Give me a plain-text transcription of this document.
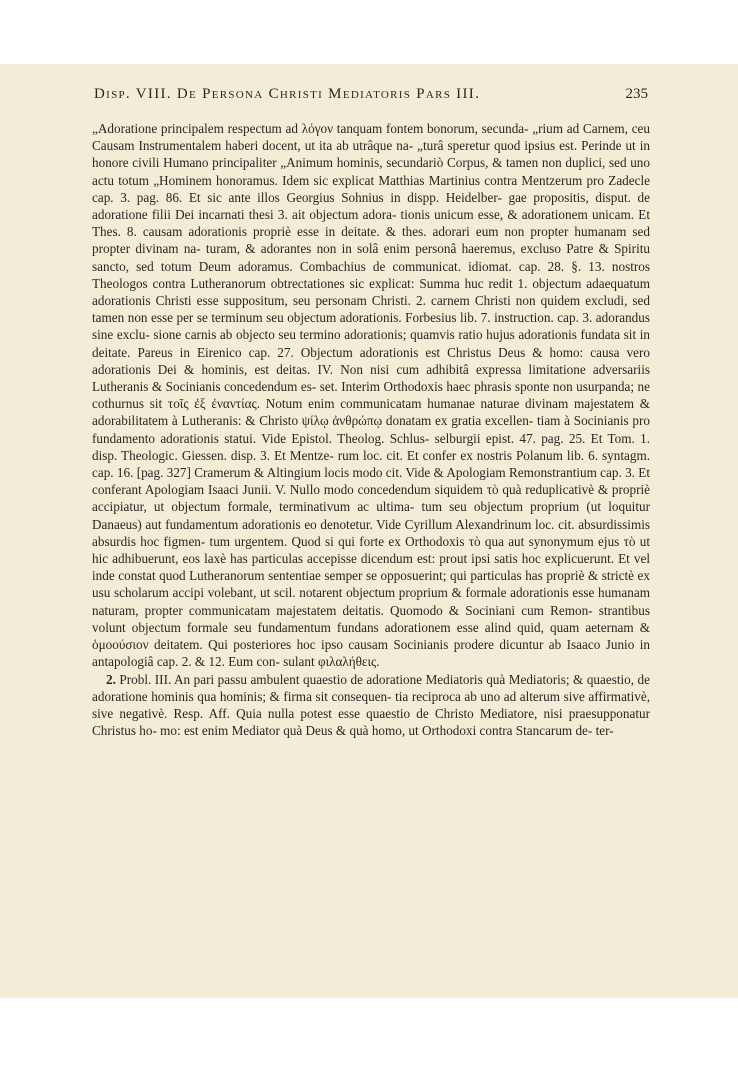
Disp. VIII. De Persona Christi Mediatoris Pars III.	235

„Adoratione principalem respectum ad λόγον tanquam fontem bonorum, secunda- „rium ad Carnem, ceu Causam Instrumentalem haberi docent, ut ita ab utrâque na- „turâ speretur quod ipsius est. Perinde ut in honore civili Humano principaliter „Animum hominis, secundariò Corpus, & tamen non duplici, sed uno actu totum „Hominem honoramus. Idem sic explicat Matthias Martinius contra Mentzerum pro Zadecle cap. 3. pag. 86. Et sic ante illos Georgius Sohnius in dispp. Heidelber- gae propositis, disput. de adoratione filii Dei incarnati thesi 3. ait objectum adora- tionis unicum esse, & adorationem unicam. Et Thes. 8. causam adorationis propriè esse in deitate. & thes. adorari eum non propter humanam sed propter divinam na- turam, & adorantes non in solâ enim personâ haeremus, excluso Patre & Spiritu sancto, sed totum Deum adoramus. Combachius de communicat. idiomat. cap. 28. §. 13. nostros Theologos contra Lutheranorum obtrectationes sic explicat: Summa huc redit 1. objectum adaequatum adorationis Christi esse suppositum, seu personam Christi. 2. carnem Christi non quidem excludi, sed tamen non esse per se terminum seu objectum adorationis. Forbesius lib. 7. instruction. cap. 3. adorandus sine exclu- sione carnis ab objecto seu termino adorationis; quamvis ratio hujus adorationis fundata sit in deitate. Pareus in Eirenico cap. 27. Objectum adorationis est Christus Deus & homo: causa vero adorationis Dei & hominis, est deitas. IV. Non nisi cum adhibitâ expressa limitatione adversariis Lutheranis & Socinianis concedendum es- set. Interim Orthodoxis haec phrasis sponte non usurpanda; ne cothurnus sit τοῖς ἐξ ἐναντίας. Notum enim communicatam humanae naturae divinam majestatem & adorabilitatem à Lutheranis: & Christo ψίλῳ ἀνθρώπῳ donatam ex gratia excellen- tiam à Socinianis pro fundamento adorationis statui. Vide Epistol. Theolog. Schlus- selburgii epist. 47. pag. 25. Et Tom. 1. disp. Theologic. Giessen. disp. 3. Et Mentze- rum loc. cit. Et confer ex nostris Polanum lib. 6. syntagm. cap. 16. [pag. 327] Cramerum & Altingium locis modo cit. Vide & Apologiam Remonstrantium cap. 3. Et conferant Apologiam Isaaci Junii. V. Nullo modo concedendum siquidem τὸ quà reduplicativè & propriè accipiatur, ut objectum formale, terminativum ac ultima- tum seu objectum proprium (ut loquitur Danaeus) aut fundamentum adorationis eo denotetur. Vide Cyrillum Alexandrinum loc. cit. absurdissimis absurdis hoc figmen- tum urgentem. Quod si qui forte ex Orthodoxis τὸ qua aut synonymum ejus τὸ ut hic adhibuerunt, eos laxè has particulas accepisse dicendum est: prout ipsi satis hoc explicuerunt. Et vel inde constat quod Lutheranorum sententiae semper se opposuerint; qui particulas has propriè & strictè ex usu scholarum accipi volebant, ut scil. notarent objectum proprium & formale adorationis esse humanam naturam, propter communicatam majestatem deitatis. Quomodo & Sociniani cum Remon- strantibus volunt objectum formale seu fundamentum fundans adorationem esse alind quid, quam aeternam & ὁμοούσιον deitatem. Qui posteriores hoc ipso causam Socinianis prodere dicuntur ab Isaaco Junio in antapologiâ cap. 2. & 12. Eum con- sulant φιλαλήθεις.

2. Probl. III. An pari passu ambulent quaestio de adoratione Mediatoris quà Mediatoris; & quaestio, de adoratione hominis qua hominis; & firma sit consequen- tia reciproca ab uno ad alterum sive affirmativè, sive negativè. Resp. Aff. Quia nulla potest esse quaestio de Christo Mediatore, nisi praesupponatur Christus ho- mo: est enim Mediator quà Deus & quà homo, ut Orthodoxi contra Stancarum de- ter-
